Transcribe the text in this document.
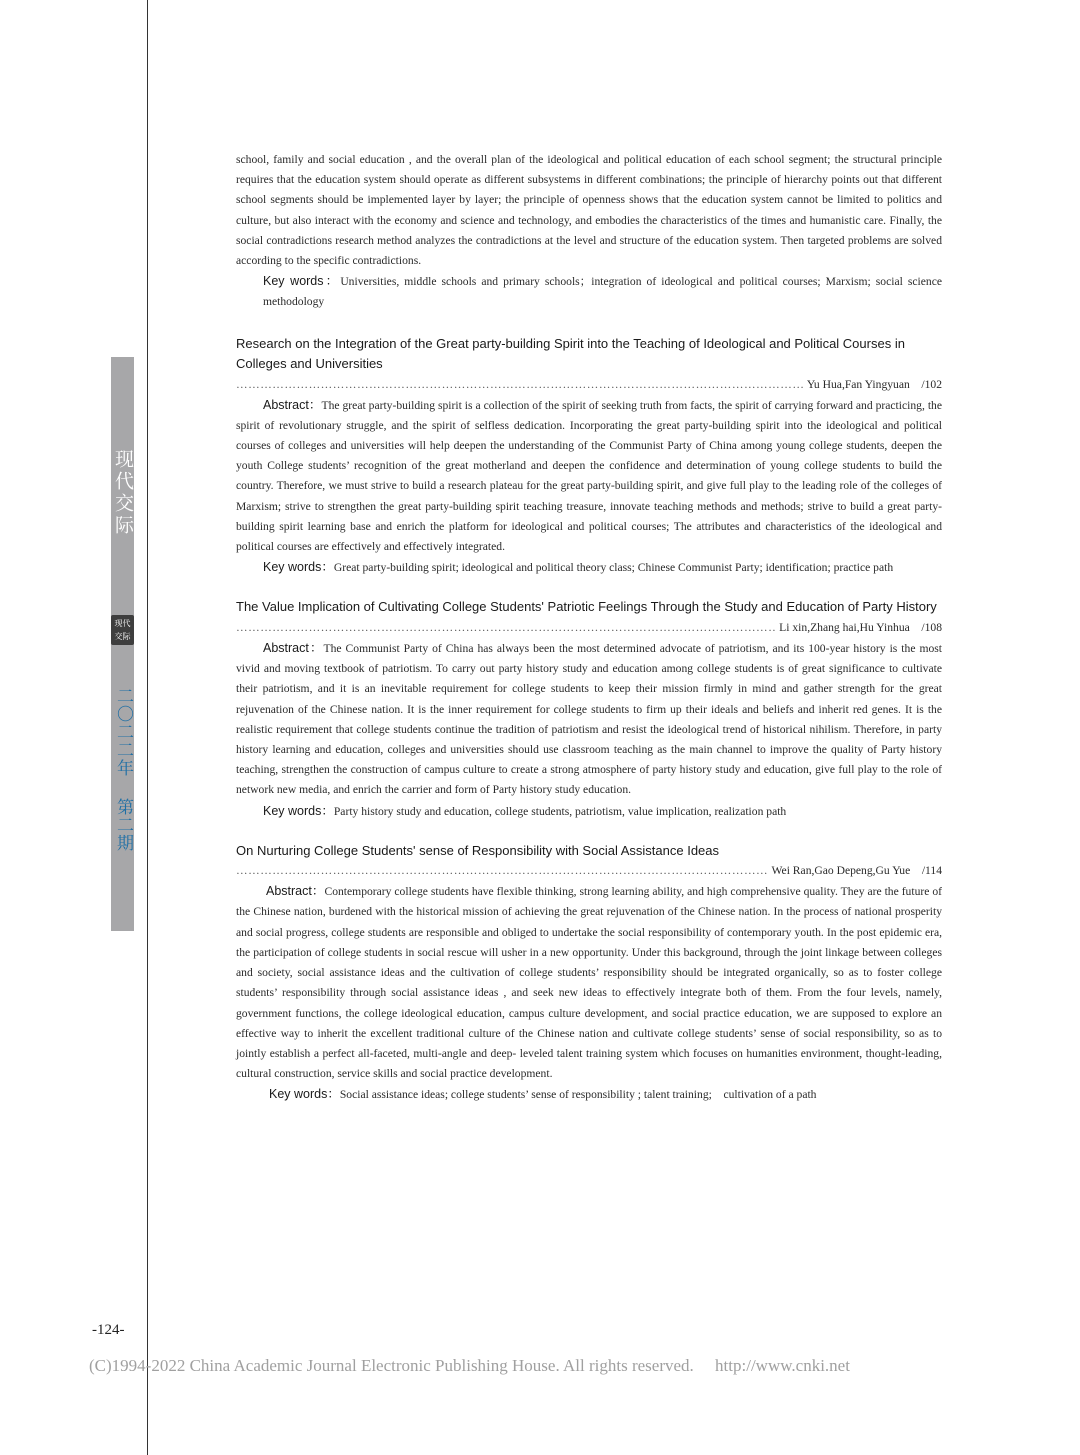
现代交际
现代交际
二〇二二年 第二期

school, family and social education , and the overall plan of the ideological and political education of each school segment; the structural principle requires that the education system should operate as different subsystems in different combinations; the principle of hierarchy points out that different school segments should be implemented layer by layer; the principle of openness shows that the education system cannot be limited to politics and culture, but also interact with the economy and science and technology, and embodies the characteristics of the times and humanistic care. Finally, the social contradictions research method analyzes the contradictions at the level and structure of the education system. Then targeted problems are solved according to the specific contradictions.

Key words：Universities, middle schools and primary schools；integration of ideological and political courses; Marxism; social science methodology

Research on the Integration of the Great party-building Spirit into the Teaching of Ideological and Political Courses in Colleges and Universities

……………………………………………………………………………………………………………………………………………………………………………………………
Yu Hua,Fan Yingyuan　/102

Abstract：The great party-building spirit is a collection of the spirit of seeking truth from facts, the spirit of carrying forward and practicing, the spirit of revolutionary struggle, and the spirit of selfless dedication. Incorporating the great party-building spirit into the ideological and political courses of colleges and universities will help deepen the understanding of the Communist Party of China among young college students, deepen the youth College students’ recognition of the great motherland and deepen the confidence and determination of young college students to build the country. Therefore, we must strive to build a research plateau for the great party-building spirit, and give full play to the leading role of the colleges of Marxism; strive to strengthen the great party-building spirit teaching treasure, innovate teaching methods and methods; strive to build a great party-building spirit learning base and enrich the platform for ideological and political courses; The attributes and characteristics of the ideological and political courses are effectively and effectively integrated.

Key words：Great party-building spirit; ideological and political theory class; Chinese Communist Party; identification; practice path

The Value Implication of Cultivating College Students' Patriotic Feelings Through the Study and Education of Party History

……………………………………………………………………………………………………………………………………………………………………………………………
Li xin,Zhang hai,Hu Yinhua　/108

Abstract：The Communist Party of China has always been the most determined advocate of patriotism, and its 100-year history is the most vivid and moving textbook of patriotism. To carry out party history study and education among college students is of great significance to cultivate their patriotism, and it is an inevitable requirement for college students to keep their mission firmly in mind and gather strength for the great rejuvenation of the Chinese nation. It is the inner requirement for college students to firm up their ideals and beliefs and inherit red genes. It is the realistic requirement that college students continue the tradition of patriotism and resist the ideological trend of historical nihilism. Therefore, in party history learning and education, colleges and universities should use classroom teaching as the main channel to improve the quality of Party history teaching, strengthen the construction of campus culture to create a strong atmosphere of party history study and education, give full play to the role of network new media, and enrich the carrier and form of Party history study education.

Key words：Party history study and education, college students, patriotism, value implication, realization path

On Nurturing College Students' sense of Responsibility with Social Assistance Ideas

……………………………………………………………………………………………………………………………………………………………………………………………
Wei Ran,Gao Depeng,Gu Yue　/114

Abstract：Contemporary college students have flexible thinking, strong learning ability, and high comprehensive quality. They are the future of the Chinese nation, burdened with the historical mission of achieving the great rejuvenation of the Chinese nation. In the process of national prosperity and social progress, college students are responsible and obliged to undertake the social responsibility of contemporary youth. In the post epidemic era, the participation of college students in social rescue will usher in a new opportunity. Under this background, through the joint linkage between colleges and society, social assistance ideas and the cultivation of college students’ responsibility should be integrated organically, so as to foster college students’ responsibility through social assistance ideas , and seek new ideas to effectively integrate both of them. From the four levels, namely, government functions, the college ideological education, campus culture development, and social practice education, we are supposed to explore an effective way to inherit the excellent traditional culture of the Chinese nation and cultivate college students’ sense of social responsibility, so as to jointly establish a perfect all-faceted, multi-angle and deep- leveled talent training system which focuses on humanities environment, thought-leading, cultural construction, service skills and social practice development.

Key words：Social assistance ideas; college students’ sense of responsibility ; talent training;　cultivation of a path

-124-
(C)1994-2022 China Academic Journal Electronic Publishing House. All rights reserved.　 http://www.cnki.net
